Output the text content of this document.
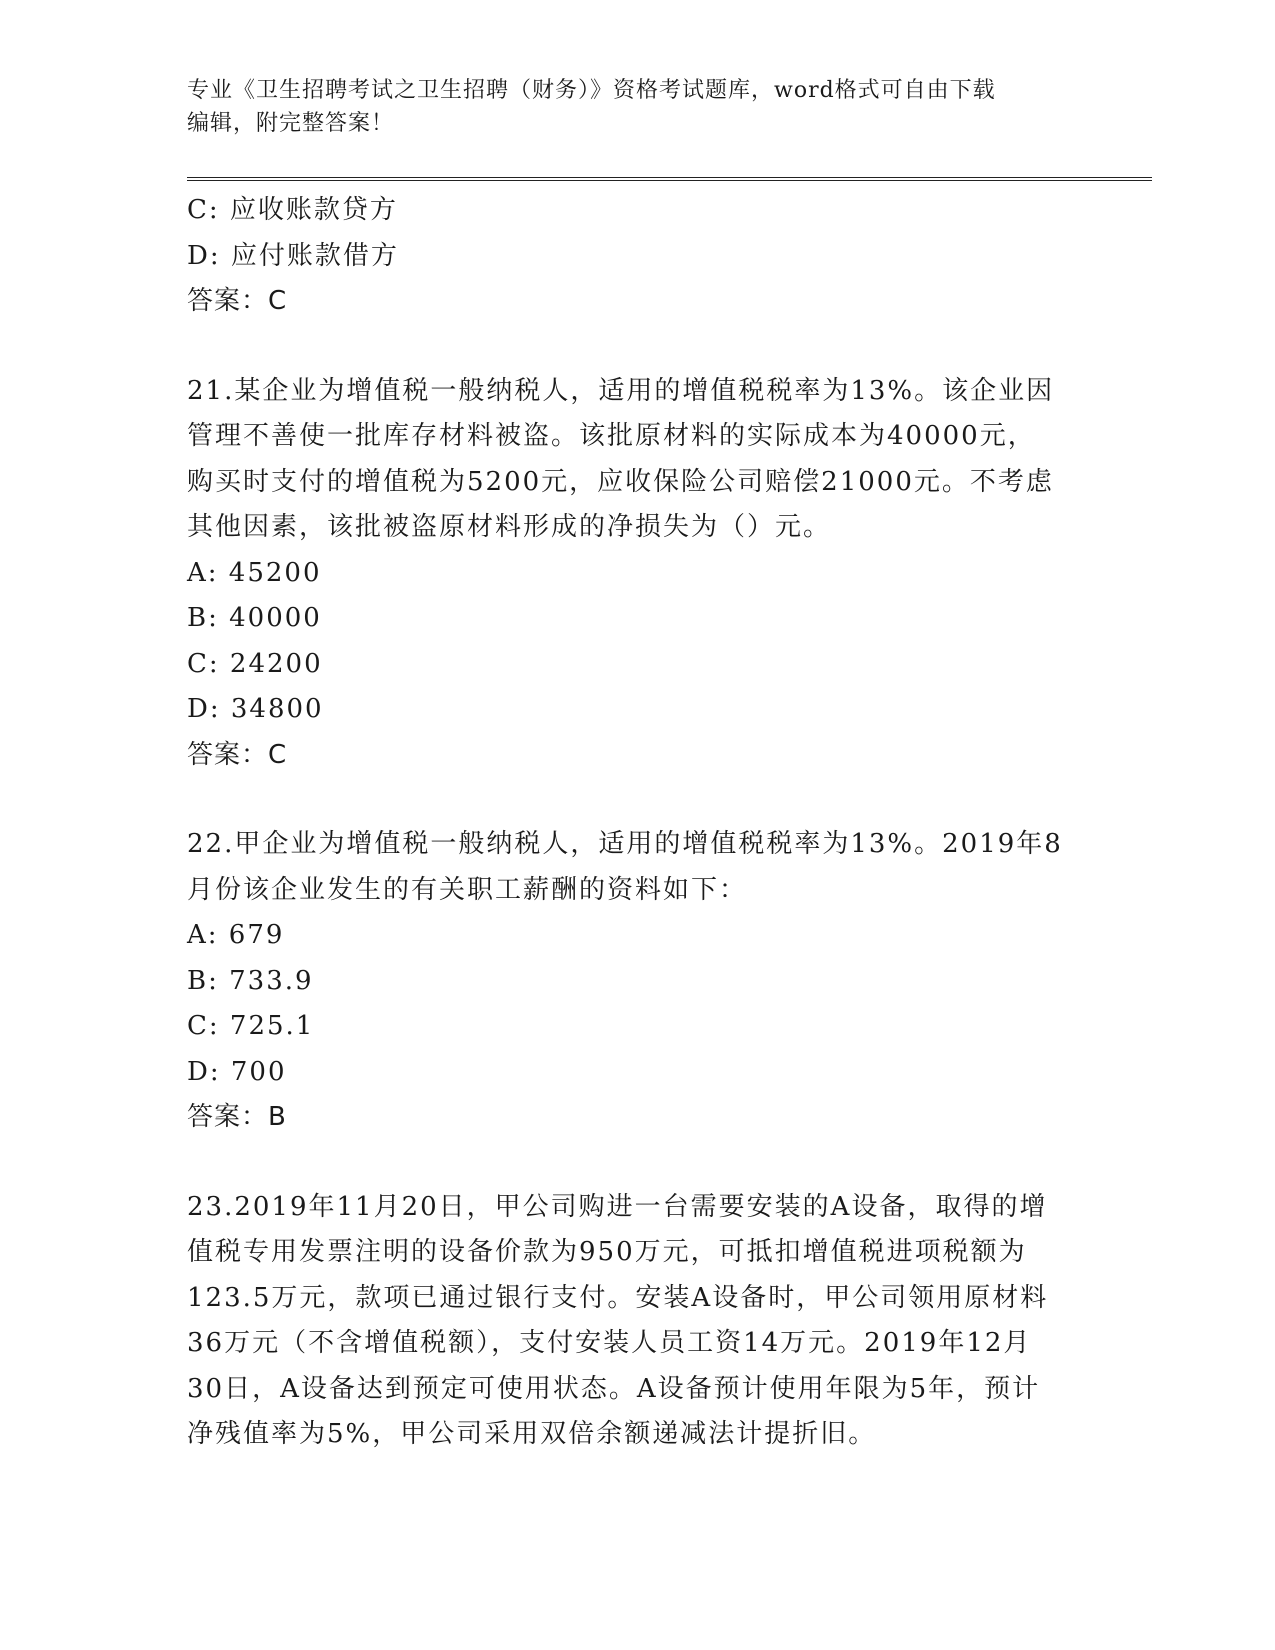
专业《卫生招聘考试之卫生招聘（财务）》资格考试题库，word格式可自由下载
编辑，附完整答案！
C: 应收账款贷方
D: 应付账款借方
答案：C
21.某企业为增值税一般纳税人，适用的增值税税率为13%。该企业因
管理不善使一批库存材料被盗。该批原材料的实际成本为40000元，
购买时支付的增值税为5200元，应收保险公司赔偿21000元。不考虑
其他因素，该批被盗原材料形成的净损失为（）元。
A: 45200
B: 40000
C: 24200
D: 34800
答案：C
22.甲企业为增值税一般纳税人，适用的增值税税率为13%。2019年8
月份该企业发生的有关职工薪酬的资料如下：
A: 679
B: 733.9
C: 725.1
D: 700
答案：B
23.2019年11月20日，甲公司购进一台需要安装的A设备，取得的增
值税专用发票注明的设备价款为950万元，可抵扣增值税进项税额为
123.5万元，款项已通过银行支付。安装A设备时，甲公司领用原材料
36万元（不含增值税额），支付安装人员工资14万元。2019年12月
30日，A设备达到预定可使用状态。A设备预计使用年限为5年，预计
净残值率为5%，甲公司采用双倍余额递减法计提折旧。
